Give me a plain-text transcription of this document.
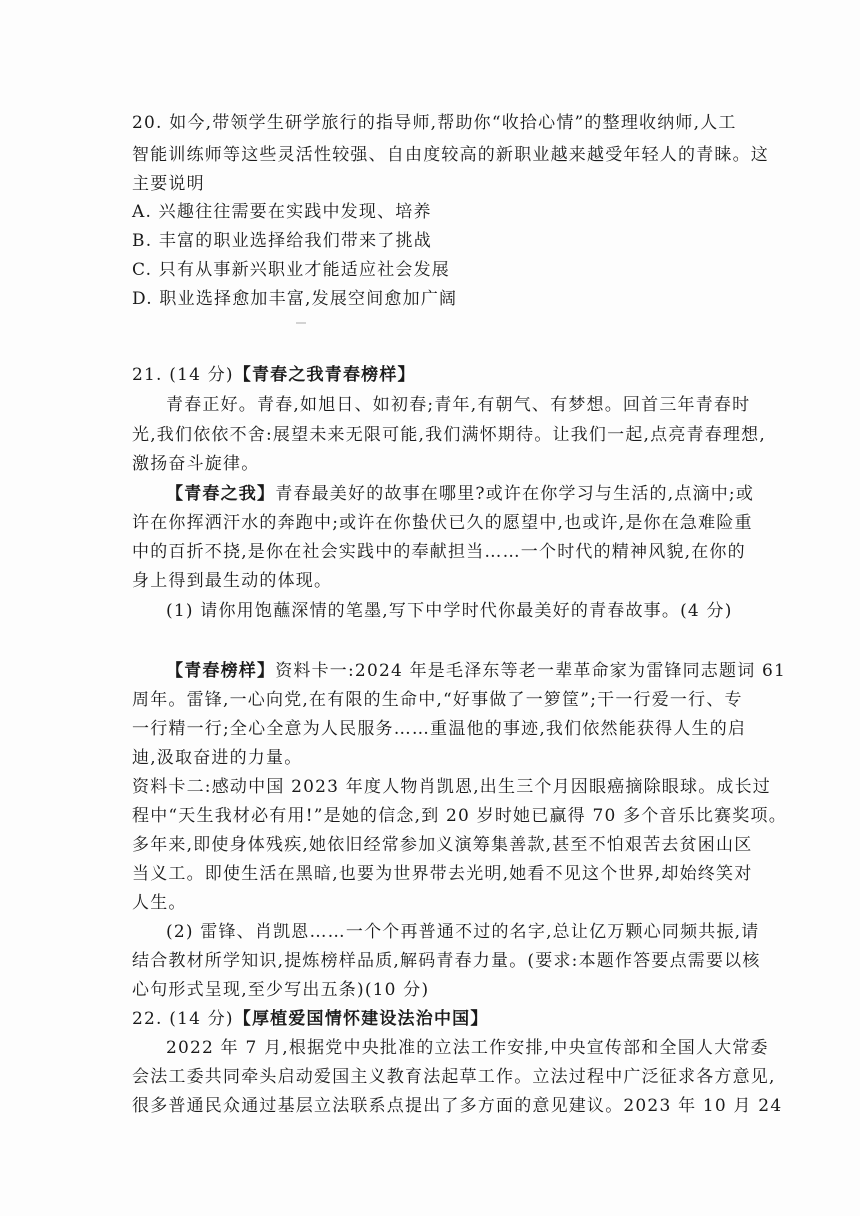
20. 如今,带领学生研学旅行的指导师,帮助你“收拾心情”的整理收纳师,人工
智能训练师等这些灵活性较强、自由度较高的新职业越来越受年轻人的青睐。这
主要说明
A. 兴趣往往需要在实践中发现、培养
B. 丰富的职业选择给我们带来了挑战
C. 只有从事新兴职业才能适应社会发展
D. 职业选择愈加丰富,发展空间愈加广阔
21. (14 分)【青春之我青春榜样】
青春正好。青春,如旭日、如初春;青年,有朝气、有梦想。回首三年青春时
光,我们依依不舍:展望未来无限可能,我们满怀期待。让我们一起,点亮青春理想,
激扬奋斗旋律。
【青春之我】青春最美好的故事在哪里?或许在你学习与生活的,点滴中;或
许在你挥洒汗水的奔跑中;或许在你蛰伏已久的愿望中,也或许,是你在急难险重
中的百折不挠,是你在社会实践中的奉献担当……一个时代的精神风貌,在你的
身上得到最生动的体现。
(1) 请你用饱蘸深情的笔墨,写下中学时代你最美好的青春故事。(4 分)
【青春榜样】资料卡一:2024 年是毛泽东等老一辈革命家为雷锋同志题词 61
周年。雷锋,一心向党,在有限的生命中,“好事做了一箩筐”;干一行爱一行、专
一行精一行;全心全意为人民服务……重温他的事迹,我们依然能获得人生的启
迪,汲取奋进的力量。
资料卡二:感动中国 2023 年度人物肖凯恩,出生三个月因眼癌摘除眼球。成长过
程中“天生我材必有用!”是她的信念,到 20 岁时她已赢得 70 多个音乐比赛奖项。
多年来,即使身体残疾,她依旧经常参加义演筹集善款,甚至不怕艰苦去贫困山区
当义工。即使生活在黑暗,也要为世界带去光明,她看不见这个世界,却始终笑对
人生。
(2) 雷锋、肖凯恩……一个个再普通不过的名字,总让亿万颗心同频共振,请
结合教材所学知识,提炼榜样品质,解码青春力量。(要求:本题作答要点需要以核
心句形式呈现,至少写出五条)(10 分)
22. (14 分)【厚植爱国情怀建设法治中国】
2022 年 7 月,根据党中央批准的立法工作安排,中央宣传部和全国人大常委
会法工委共同牵头启动爱国主义教育法起草工作。立法过程中广泛征求各方意见,
很多普通民众通过基层立法联系点提出了多方面的意见建议。2023 年 10 月 24
